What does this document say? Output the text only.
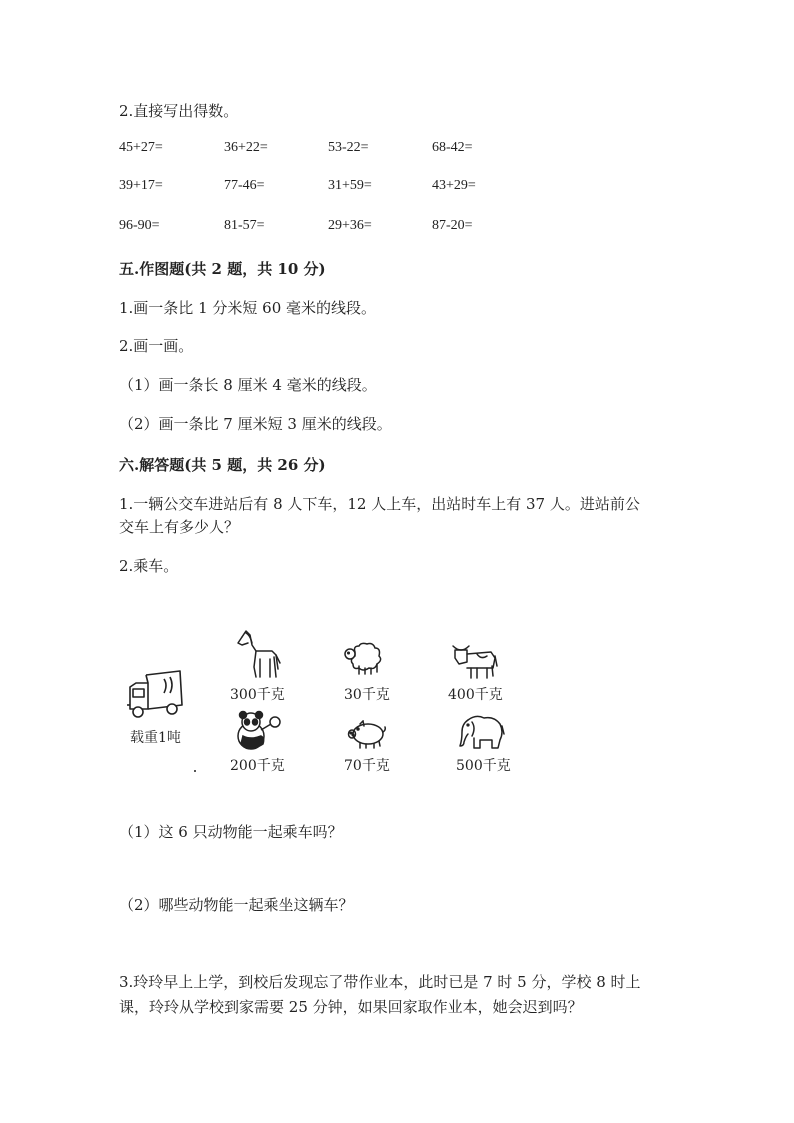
2.直接写出得数。
45+27=	36+22=	53-22=	68-42=
39+17=	77-46=	31+59=	43+29=
96-90=	81-57=	29+36=	87-20=
五.作图题(共 2 题，共 10 分)
1.画一条比 1 分米短 60 毫米的线段。
2.画一画。
（1）画一条长 8 厘米 4 毫米的线段。
（2）画一条比 7 厘米短 3 厘米的线段。
六.解答题(共 5 题，共 26 分)
1.一辆公交车进站后有 8 人下车，12 人上车，出站时车上有 37 人。进站前公
交车上有多少人？
2.乘车。
载重1吨
300千克	30千克	400千克
200千克	70千克	500千克
（1）这 6 只动物能一起乘车吗？
（2）哪些动物能一起乘坐这辆车？
3.玲玲早上上学，到校后发现忘了带作业本，此时已是 7 时 5 分，学校 8 时上
课，玲玲从学校到家需要 25 分钟，如果回家取作业本，她会迟到吗？
